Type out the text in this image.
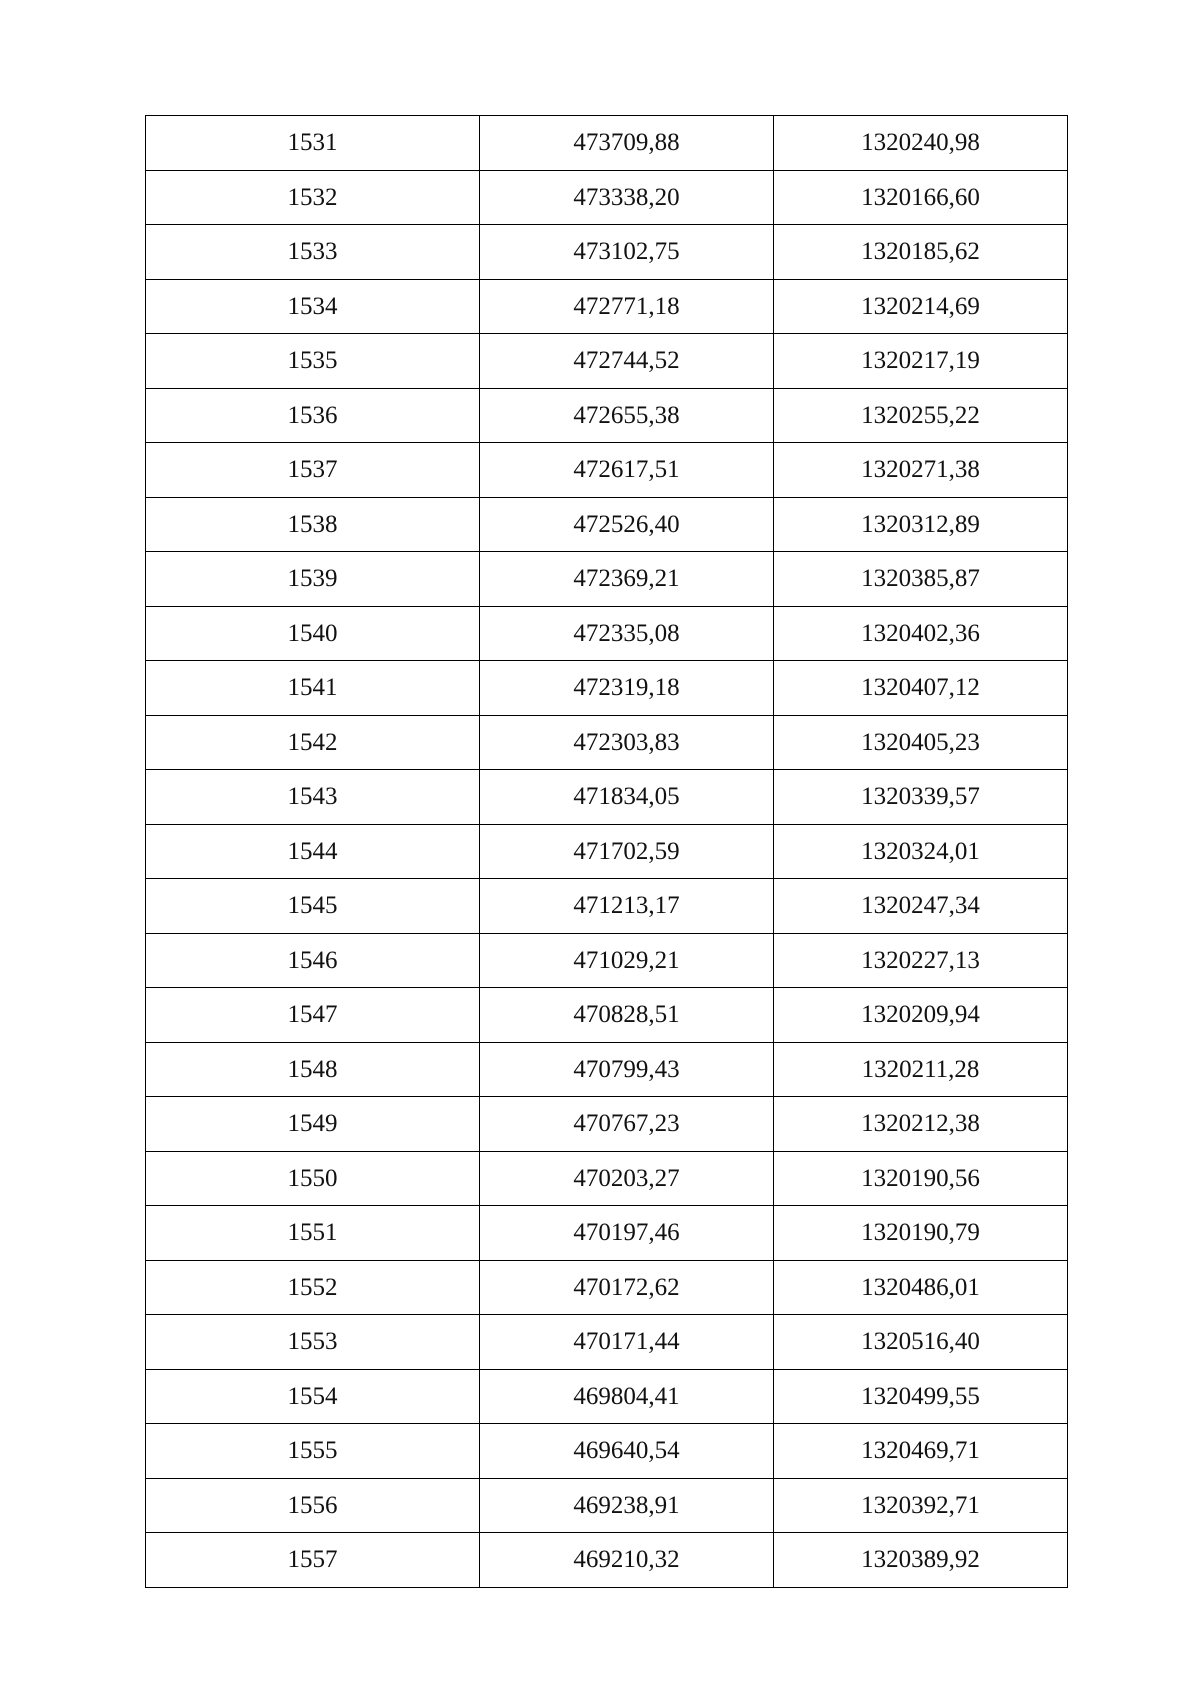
1531	473709,88	1320240,98
1532	473338,20	1320166,60
1533	473102,75	1320185,62
1534	472771,18	1320214,69
1535	472744,52	1320217,19
1536	472655,38	1320255,22
1537	472617,51	1320271,38
1538	472526,40	1320312,89
1539	472369,21	1320385,87
1540	472335,08	1320402,36
1541	472319,18	1320407,12
1542	472303,83	1320405,23
1543	471834,05	1320339,57
1544	471702,59	1320324,01
1545	471213,17	1320247,34
1546	471029,21	1320227,13
1547	470828,51	1320209,94
1548	470799,43	1320211,28
1549	470767,23	1320212,38
1550	470203,27	1320190,56
1551	470197,46	1320190,79
1552	470172,62	1320486,01
1553	470171,44	1320516,40
1554	469804,41	1320499,55
1555	469640,54	1320469,71
1556	469238,91	1320392,71
1557	469210,32	1320389,92
